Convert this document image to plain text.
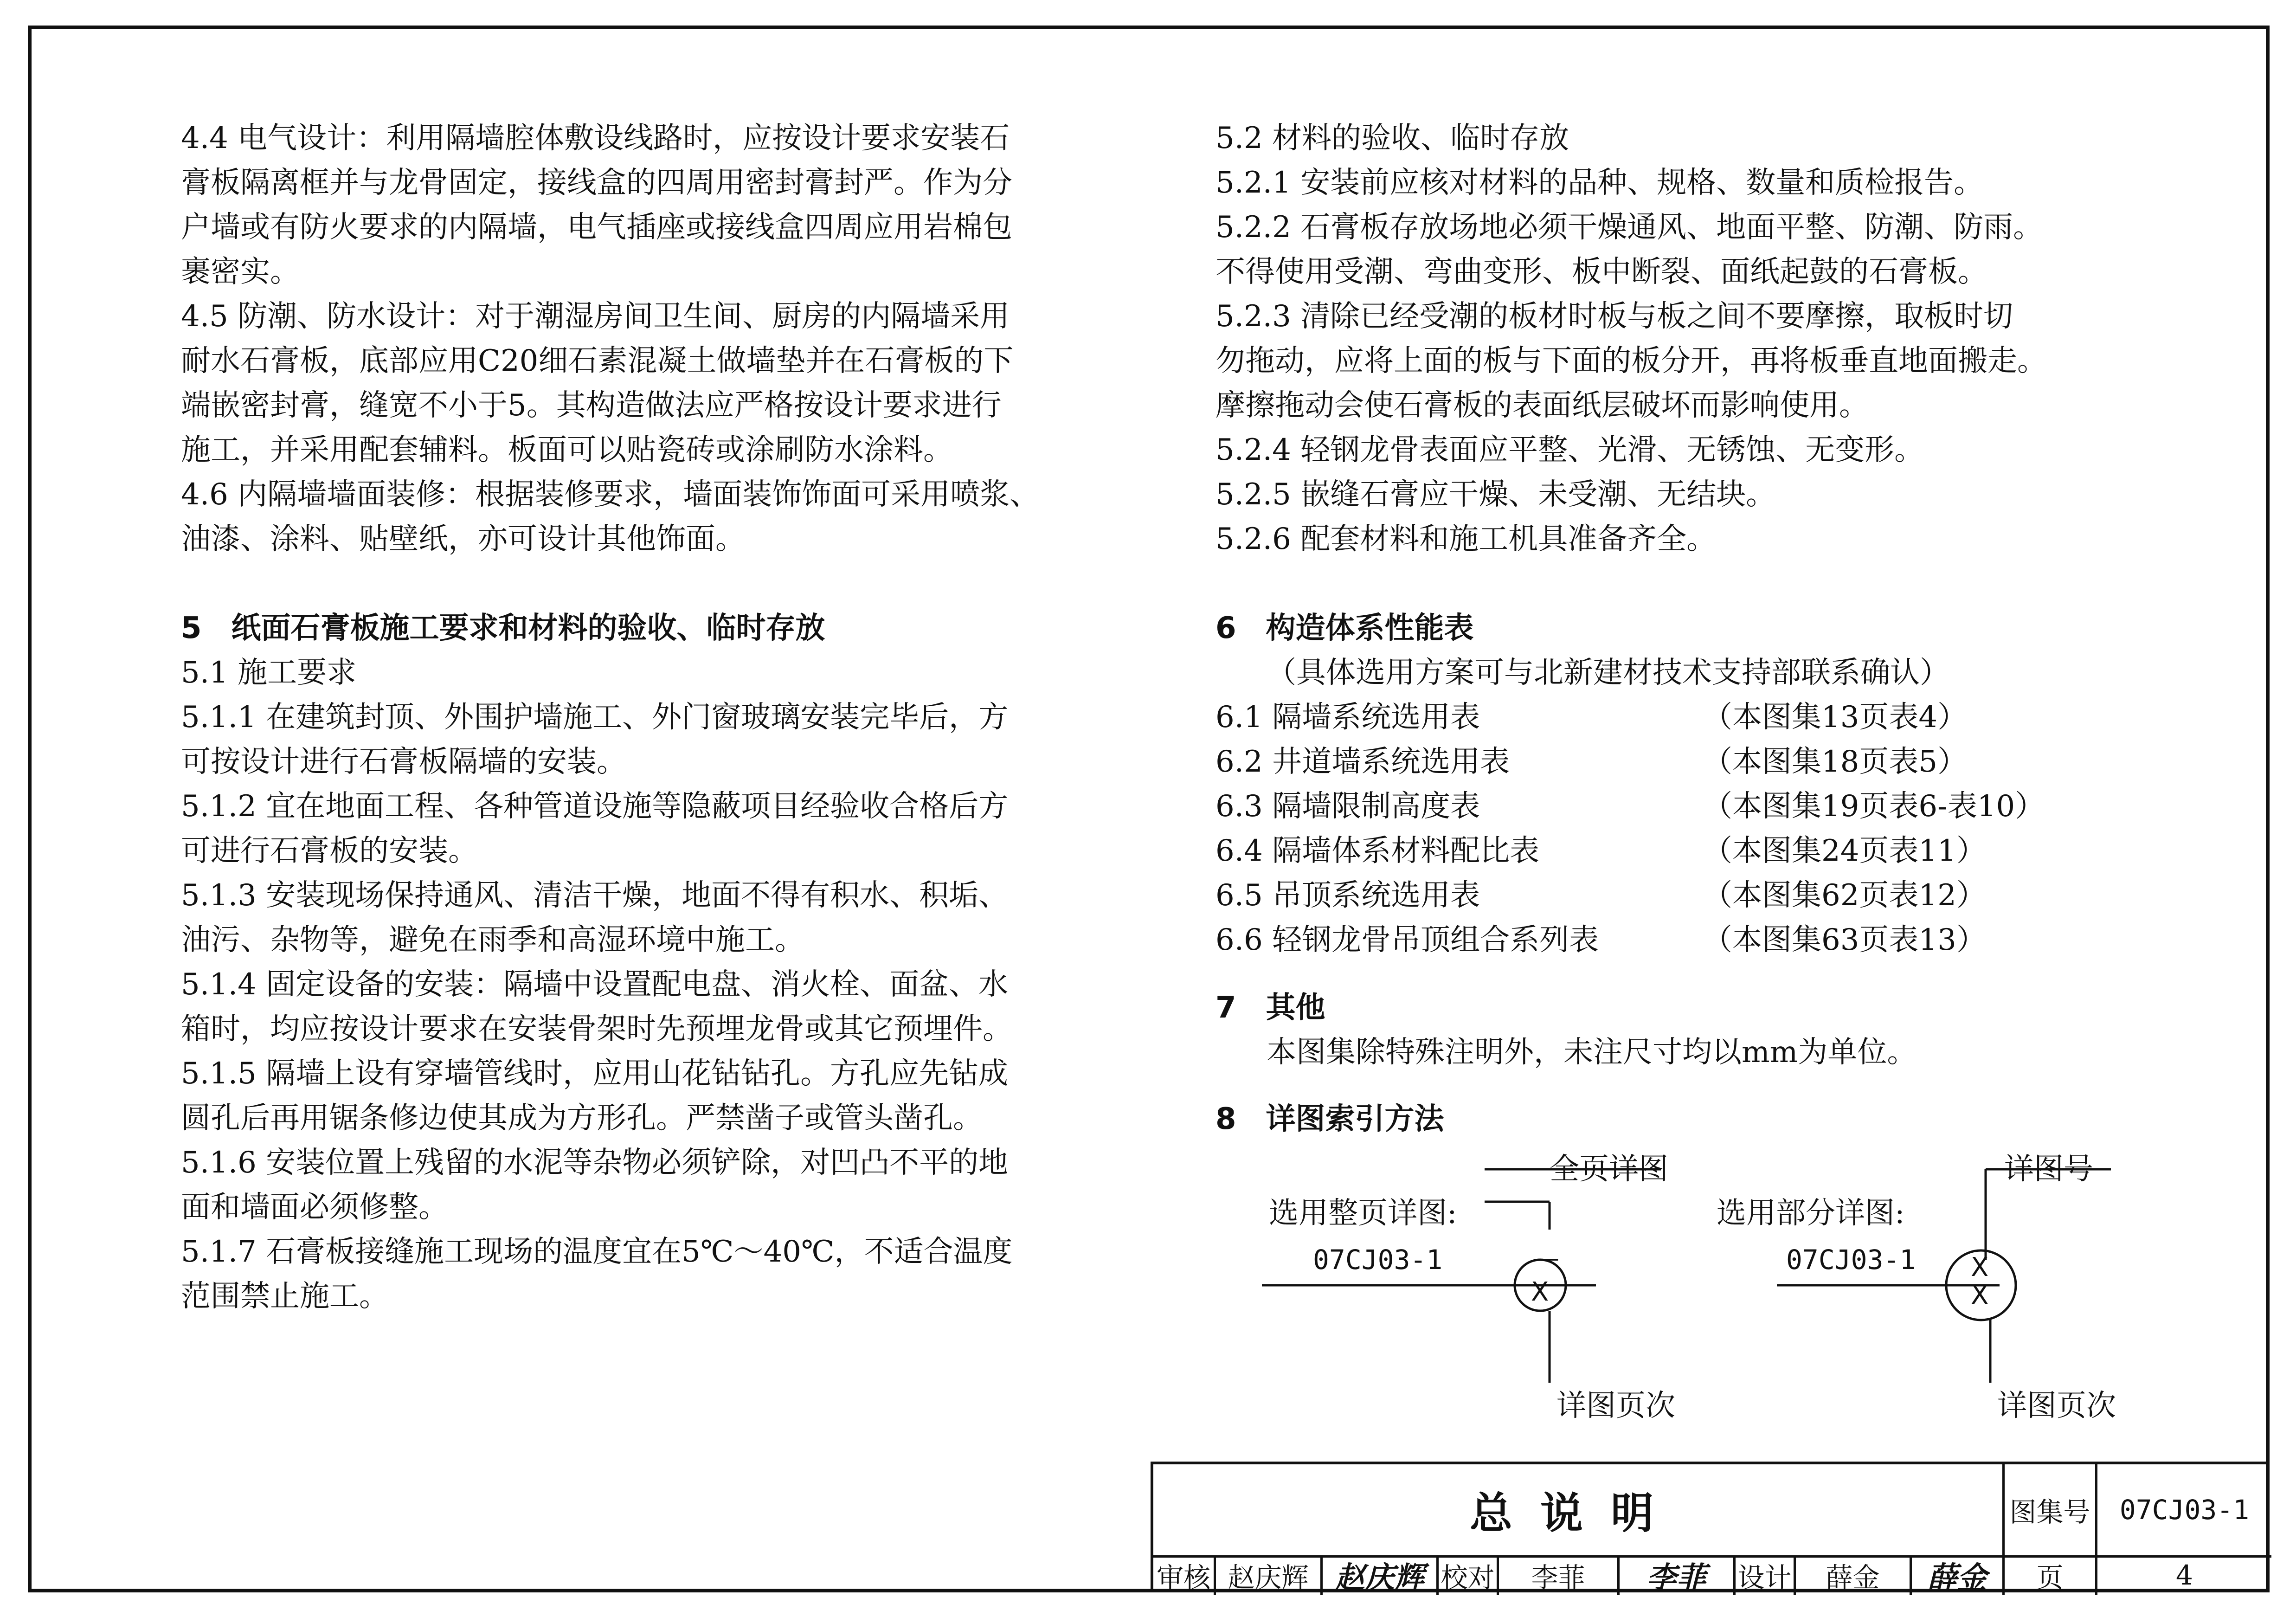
4.4 电气设计：利用隔墙腔体敷设线路时，应按设计要求安装石

膏板隔离框并与龙骨固定，接线盒的四周用密封膏封严。作为分

户墙或有防火要求的内隔墙，电气插座或接线盒四周应用岩棉包

裹密实。

4.5 防潮、防水设计：对于潮湿房间卫生间、厨房的内隔墙采用

耐水石膏板，底部应用C20细石素混凝土做墙垫并在石膏板的下

端嵌密封膏，缝宽不小于5。其构造做法应严格按设计要求进行

施工，并采用配套辅料。板面可以贴瓷砖或涂刷防水涂料。

4.6 内隔墙墙面装修：根据装修要求，墙面装饰饰面可采用喷浆、

油漆、涂料、贴壁纸，亦可设计其他饰面。

5　纸面石膏板施工要求和材料的验收、临时存放

5.1 施工要求

5.1.1 在建筑封顶、外围护墙施工、外门窗玻璃安装完毕后，方

可按设计进行石膏板隔墙的安装。

5.1.2 宜在地面工程、各种管道设施等隐蔽项目经验收合格后方

可进行石膏板的安装。

5.1.3 安装现场保持通风、清洁干燥，地面不得有积水、积垢、

油污、杂物等，避免在雨季和高湿环境中施工。

5.1.4 固定设备的安装：隔墙中设置配电盘、消火栓、面盆、水

箱时，均应按设计要求在安装骨架时先预埋龙骨或其它预埋件。

5.1.5 隔墙上设有穿墙管线时，应用山花钻钻孔。方孔应先钻成

圆孔后再用锯条修边使其成为方形孔。严禁凿子或管头凿孔。

5.1.6 安装位置上残留的水泥等杂物必须铲除，对凹凸不平的地

面和墙面必须修整。

5.1.7 石膏板接缝施工现场的温度宜在5℃～40℃，不适合温度

范围禁止施工。

5.2 材料的验收、临时存放

5.2.1 安装前应核对材料的品种、规格、数量和质检报告。

5.2.2 石膏板存放场地必须干燥通风、地面平整、防潮、防雨。

不得使用受潮、弯曲变形、板中断裂、面纸起鼓的石膏板。

5.2.3 清除已经受潮的板材时板与板之间不要摩擦，取板时切

勿拖动，应将上面的板与下面的板分开，再将板垂直地面搬走。

摩擦拖动会使石膏板的表面纸层破坏而影响使用。

5.2.4 轻钢龙骨表面应平整、光滑、无锈蚀、无变形。

5.2.5 嵌缝石膏应干燥、未受潮、无结块。

5.2.6 配套材料和施工机具准备齐全。

6　构造体系性能表

（具体选用方案可与北新建材技术支持部联系确认）

6.1 隔墙系统选用表	（本图集13页表4）
6.2 井道墙系统选用表	（本图集18页表5）
6.3 隔墙限制高度表	（本图集19页表6-表10）
6.4 隔墙体系材料配比表	（本图集24页表11）
6.5 吊顶系统选用表	（本图集62页表12）
6.6 轻钢龙骨吊顶组合系列表	（本图集63页表13）

7　其他

本图集除特殊注明外，未注尺寸均以mm为单位。

8　详图索引方法

选用整页详图:
全页详图
07CJ03-1	－
X
详图页次
选用部分详图:
详图号
07CJ03-1 X
X
详图页次
总说明	图集号	07CJ03-1
审核 赵庆辉 赵庆辉 校对	李菲	李菲	设计	薛金	薛金	页	4
